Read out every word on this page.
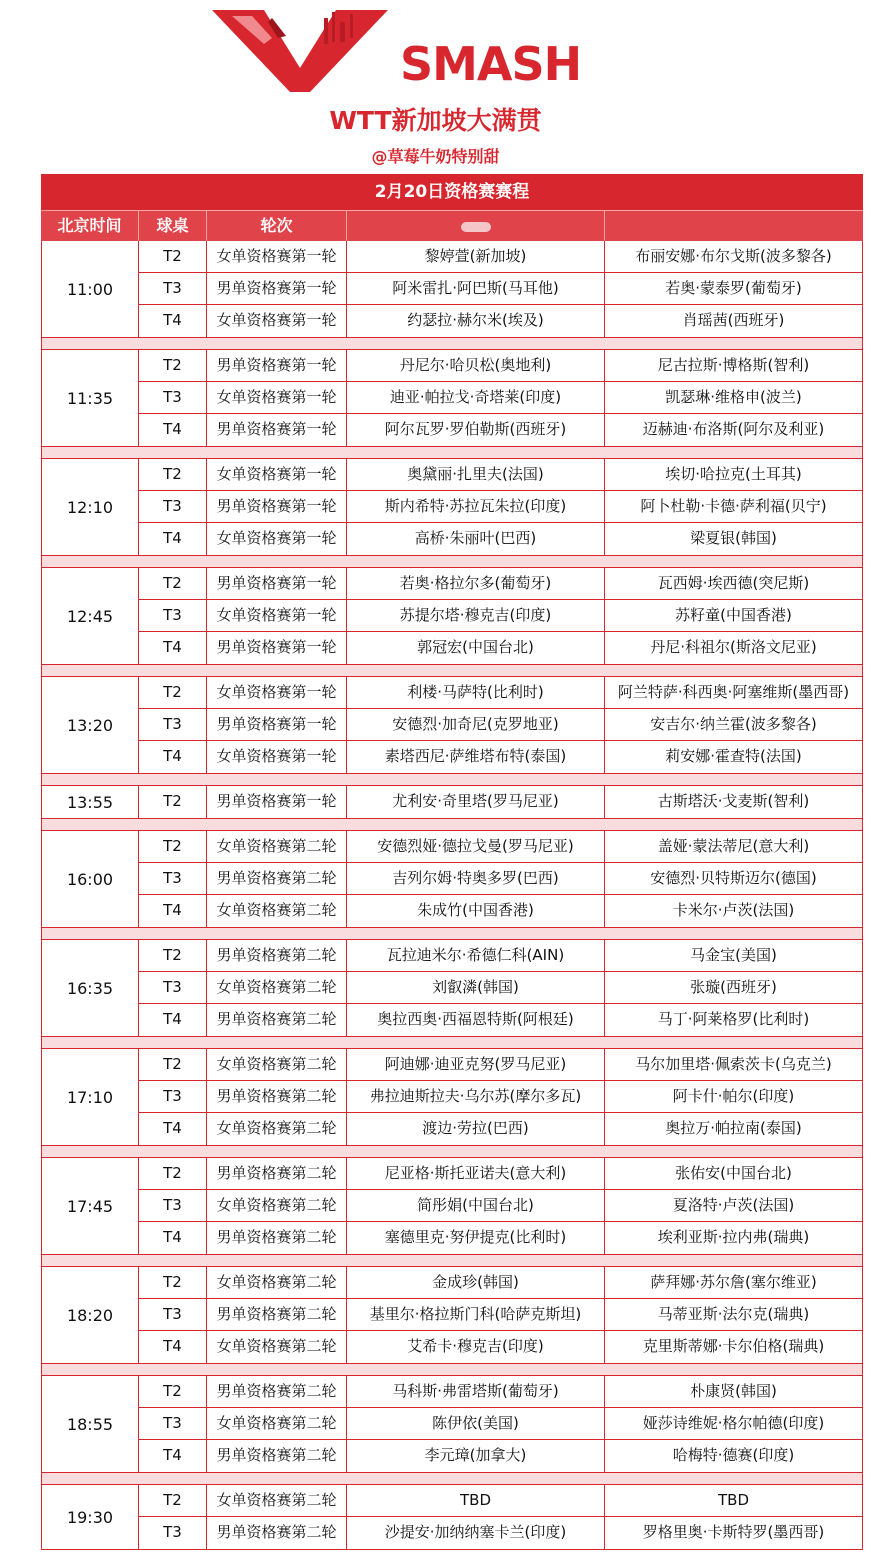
SMASH
WTT新加坡大满贯
@草莓牛奶特别甜
2月20日资格赛赛程
北京时间	球桌	轮次
11:00
T2	女单资格赛第一轮	黎婷萱(新加坡)	布丽安娜·布尔戈斯(波多黎各)
T3	男单资格赛第一轮	阿米雷扎·阿巴斯(马耳他)	若奥·蒙泰罗(葡萄牙)
T4	女单资格赛第一轮	约瑟拉·赫尔米(埃及)	肖瑶茜(西班牙)
11:35
T2	男单资格赛第一轮	丹尼尔·哈贝松(奥地利)	尼古拉斯·博格斯(智利)
T3	女单资格赛第一轮	迪亚·帕拉戈·奇塔莱(印度)	凯瑟琳·维格申(波兰)
T4	男单资格赛第一轮	阿尔瓦罗·罗伯勒斯(西班牙)	迈赫迪·布洛斯(阿尔及利亚)
12:10
T2	女单资格赛第一轮	奥黛丽·扎里夫(法国)	埃切·哈拉克(土耳其)
T3	男单资格赛第一轮	斯内希特·苏拉瓦朱拉(印度)	阿卜杜勒·卡德·萨利福(贝宁)
T4	女单资格赛第一轮	高桥·朱丽叶(巴西)	梁夏银(韩国)
12:45
T2	男单资格赛第一轮	若奥·格拉尔多(葡萄牙)	瓦西姆·埃西德(突尼斯)
T3	女单资格赛第一轮	苏提尔塔·穆克吉(印度)	苏籽童(中国香港)
T4	男单资格赛第一轮	郭冠宏(中国台北)	丹尼·科祖尔(斯洛文尼亚)
13:20
T2	女单资格赛第一轮	利楼·马萨特(比利时)	阿兰特萨·科西奥·阿塞维斯(墨西哥)
T3	男单资格赛第一轮	安德烈·加奇尼(克罗地亚)	安吉尔·纳兰霍(波多黎各)
T4	女单资格赛第一轮	素塔西尼·萨维塔布特(泰国)	莉安娜·霍查特(法国)
13:55	T2	男单资格赛第一轮	尤利安·奇里塔(罗马尼亚)	古斯塔沃·戈麦斯(智利)
16:00
T2	女单资格赛第二轮	安德烈娅·德拉戈曼(罗马尼亚)	盖娅·蒙法蒂尼(意大利)
T3	男单资格赛第二轮	吉列尔姆·特奥多罗(巴西)	安德烈·贝特斯迈尔(德国)
T4	女单资格赛第二轮	朱成竹(中国香港)	卡米尔·卢茨(法国)
16:35
T2	男单资格赛第二轮	瓦拉迪米尔·希德仁科(AIN)	马金宝(美国)
T3	女单资格赛第二轮	刘叡潾(韩国)	张璇(西班牙)
T4	男单资格赛第二轮	奥拉西奥·西福恩特斯(阿根廷)	马丁·阿莱格罗(比利时)
17:10
T2	女单资格赛第二轮	阿迪娜·迪亚克努(罗马尼亚)	马尔加里塔·佩索茨卡(乌克兰)
T3	男单资格赛第二轮	弗拉迪斯拉夫·乌尔苏(摩尔多瓦)	阿卡什·帕尔(印度)
T4	女单资格赛第二轮	渡边·劳拉(巴西)	奥拉万·帕拉南(泰国)
17:45
T2	男单资格赛第二轮	尼亚格·斯托亚诺夫(意大利)	张佑安(中国台北)
T3	女单资格赛第二轮	简彤娟(中国台北)	夏洛特·卢茨(法国)
T4	男单资格赛第二轮	塞德里克·努伊提克(比利时)	埃利亚斯·拉内弗(瑞典)
18:20
T2	女单资格赛第二轮	金成珍(韩国)	萨拜娜·苏尔詹(塞尔维亚)
T3	男单资格赛第二轮	基里尔·格拉斯门科(哈萨克斯坦)	马蒂亚斯·法尔克(瑞典)
T4	女单资格赛第二轮	艾希卡·穆克吉(印度)	克里斯蒂娜·卡尔伯格(瑞典)
18:55
T2	男单资格赛第二轮	马科斯·弗雷塔斯(葡萄牙)	朴康贤(韩国)
T3	女单资格赛第二轮	陈伊依(美国)	娅莎诗维妮·格尔帕德(印度)
T4	男单资格赛第二轮	李元璋(加拿大)	哈梅特·德赛(印度)
19:30
T2	女单资格赛第二轮	TBD	TBD
T3	男单资格赛第二轮	沙提安·加纳纳塞卡兰(印度)	罗格里奥·卡斯特罗(墨西哥)
